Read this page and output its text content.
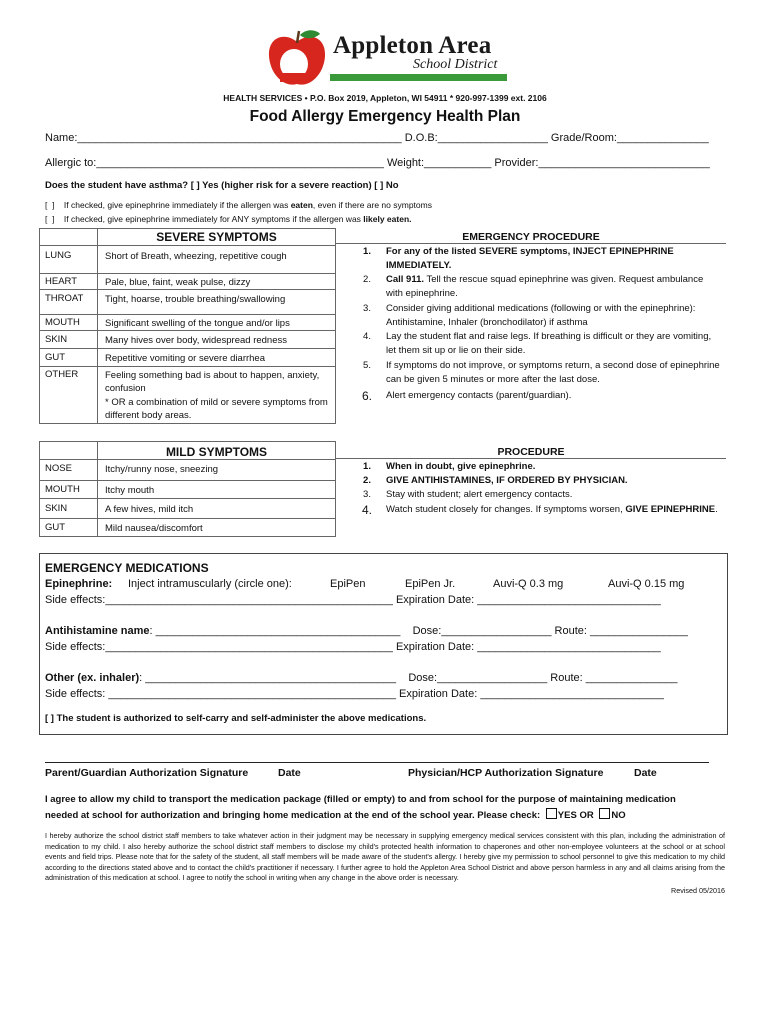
AASD
Appleton Area
School District
HEALTH SERVICES • P.O. Box 2019, Appleton, WI 54911 * 920-997-1399 ext. 2106
Food Allergy Emergency Health Plan
Name:_____________________________________________________ D.O.B:__________________ Grade/Room:_______________
Allergic to:_______________________________________________ Weight:___________ Provider:____________________________
Does the student have asthma? [ ] Yes (higher risk for a severe reaction) [ ] No
[  ] If checked, give epinephrine immediately if the allergen was eaten, even if there are no symptoms
[  ] If checked, give epinephrine immediately for ANY symptoms if the allergen was likely eaten.
SEVERE SYMPTOMS
LUNG	Short of Breath, wheezing, repetitive cough
HEART	Pale, blue, faint, weak pulse, dizzy
THROAT Tight, hoarse, trouble breathing/swallowing
MOUTH	Significant swelling of the tongue and/or lips
SKIN	Many hives over body, widespread redness
GUT	Repetitive vomiting or severe diarrhea
OTHER	Feeling something bad is about to happen, anxiety, confusion
* OR a combination of mild or severe symptoms from different body areas.
EMERGENCY PROCEDURE
1.	For any of the listed SEVERE symptoms, INJECT EPINEPHRINE IMMEDIATELY.
2.	Call 911. Tell the rescue squad epinephrine was given. Request ambulance with epinephrine.
3.	Consider giving additional medications (following or with the epinephrine): Antihistamine, Inhaler (bronchodilator) if asthma
4.	Lay the student flat and raise legs. If breathing is difficult or they are vomiting, let them sit up or lie on their side.
5.	If symptoms do not improve, or symptoms return, a second dose of epinephrine can be given 5 minutes or more after the last dose.
6. Alert emergency contacts (parent/guardian).
MILD SYMPTOMS
NOSE	Itchy/runny nose, sneezing
MOUTH	Itchy mouth
SKIN	A few hives, mild itch
GUT	Mild nausea/discomfort
PROCEDURE
1.	When in doubt, give epinephrine.
2.	GIVE ANTIHISTAMINES, IF ORDERED BY PHYSICIAN.
3.	Stay with student; alert emergency contacts.
4. Watch student closely for changes. If symptoms worsen, GIVE EPINEPHRINE.
EMERGENCY MEDICATIONS
Epinephrine: Inject intramuscularly (circle one):	EpiPen	EpiPen Jr.	Auvi-Q 0.3 mg	Auvi-Q 0.15 mg
Side effects:_______________________________________________ Expiration Date: ______________________________
Antihistamine name: ________________________________________ Dose:__________________ Route: ________________
Side effects:_______________________________________________ Expiration Date: ______________________________
Other (ex. inhaler): _________________________________________ Dose:__________________ Route: _______________
Side effects: _______________________________________________ Expiration Date: ______________________________
[ ] The student is authorized to self-carry and self-administer the above medications.
Parent/Guardian Authorization Signature	Date	Physician/HCP Authorization Signature	Date
I agree to allow my child to transport the medication package (filled or empty) to and from school for the purpose of maintaining medication
needed at school for authorization and bringing home medication at the end of the school year. Please check: YES OR NO
I hereby authorize the school district staff members to take whatever action in their judgment may be necessary in supplying emergency medical services consistent with this plan, including the administration of medication to my child. I also hereby authorize the school district staff members to disclose my child's protected health information to chaperones and other non-employee volunteers at the school or at school events and field trips. Please note that for the safety of the student, all staff members will be made aware of the student's allergy. I hereby give my permission to school personnel to give this medication to my child according to the directions stated above and to contact the child's practitioner if necessary. I further agree to hold the Appleton Area School District and above person harmless in any and all claims arising from the administration of this medication at school. I agree to notify the school in writing when any change in the above order is necessary.
Revised 05/2016
